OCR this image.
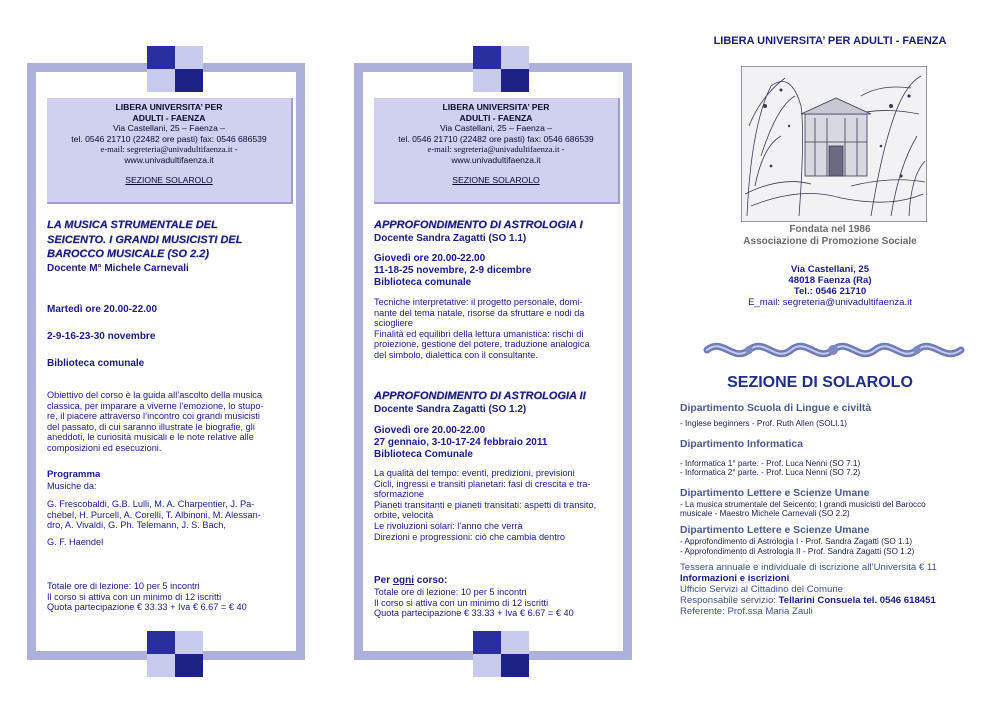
LIBERA UNIVERSITA’ PER
ADULTI - FAENZA
Via Castellani, 25 – Faenza –
tel. 0546 21710 (22482 ore pasti) fax: 0546 686539
e-mail: segreteria@univadultifaenza.it -
www.univadultifaenza.it
SEZIONE SOLAROLO
LA MUSICA STRUMENTALE DEL
SEICENTO. I GRANDI MUSICISTI DEL
BAROCCO MUSICALE (SO 2.2)
Docente M° Michele Carnevali
Martedì ore 20.00-22.00
2-9-16-23-30 novembre
Biblioteca comunale
Obiettivo del corso è la guida all’ascolto della musica
classica, per imparare a viverne l’emozione, lo stupo-
re, il piacere attraverso l’incontro coi grandi musicisti
del passato, di cui saranno illustrate le biografie, gli
aneddoti, le curiosità musicali e le note relative alle
composizioni ed esecuzioni.
Programma
Musiche da:
G. Frescobaldi, G.B. Lulli, M. A. Charpentier, J. Pa-
chebel, H. Purcell, A. Corelli, T. Albinoni, M. Alessan-
dro, A. Vivaldi, G. Ph. Telemann, J. S. Bach,
G. F. Haendel
Totale ore di lezione: 10 per 5 incontri
Il corso si attiva con un minimo di 12 iscritti
Quota partecipazione € 33.33 + Iva € 6.67 = € 40
LIBERA UNIVERSITA’ PER
ADULTI - FAENZA
Via Castellani, 25 – Faenza –
tel. 0546 21710 (22482 ore pasti) fax: 0546 686539
e-mail: segreteria@univadultifaenza.it -
www.univadultifaenza.it
SEZIONE SOLAROLO
APPROFONDIMENTO DI ASTROLOGIA I
Docente Sandra Zagatti (SO 1.1)
Giovedì ore 20.00-22.00
11-18-25 novembre, 2-9 dicembre
Biblioteca comunale
Tecniche interpretative: il progetto personale, domi-
nante del tema natale, risorse da sfruttare e nodi da
sciogliere
Finalità ed equilibri della lettura umanistica: rischi di
proiezione, gestione del potere, traduzione analogica
del simbolo, dialettica con il consultante.
APPROFONDIMENTO DI ASTROLOGIA II
Docente Sandra Zagatti (SO 1.2)
Giovedì ore 20.00-22.00
27 gennaio, 3-10-17-24 febbraio 2011
Biblioteca Comunale
La qualità del tempo: eventi, predizioni, previsioni
Cicli, ingressi e transiti planetari: fasi di crescita e tra-
sformazione
Pianeti transitanti e pianeti transitati: aspetti di transito,
orbite, velocità
Le rivoluzioni solari: l’anno che verrà
Direzioni e progressioni: ciò che cambia dentro
Per ogni corso:
Totale ore di lezione: 10 per 5 incontri
Il corso si attiva con un minimo di 12 iscritti
Quota partecipazione € 33.33 + Iva € 6.67 = € 40
LIBERA UNIVERSITA’ PER ADULTI - FAENZA
Fondata nel 1986
Associazione di Promozione Sociale
Via Castellani, 25
48018 Faenza (Ra)
Tel.: 0546 21710
E_mail: segreteria@univadultifaenza.it
SEZIONE DI SOLAROLO
Dipartimento Scuola di Lingue e civiltà
- Inglese beginners - Prof. Ruth Allen (SOLI.1)
Dipartimento Informatica
- Informatica 1° parte. - Prof. Luca Nenni (SO 7.1)
- Informatica 2° parte. - Prof. Luca Nenni (SO 7.2)
Dipartimento Lettere e Scienze Umane
- La musica strumentale del Seicento; I grandi musicisti del Barocco
musicale - Maestro Michele Carnevali (SO 2.2)
Dipartimento Lettere e Scienze Umane
- Approfondimento di Astrologia I - Prof. Sandra Zagatti (SO 1.1)
- Approfondimento di Astrologia II - Prof. Sandra Zagatti (SO 1.2)
Tessera annuale e individuale di iscrizione all’Università € 11
Informazioni e iscrizioni
Ufficio Servizi al Cittadino del Comune
Responsabile servizio: Tellarini Consuela tel. 0546 618451
Referente: Prof.ssa Maria Zauli
